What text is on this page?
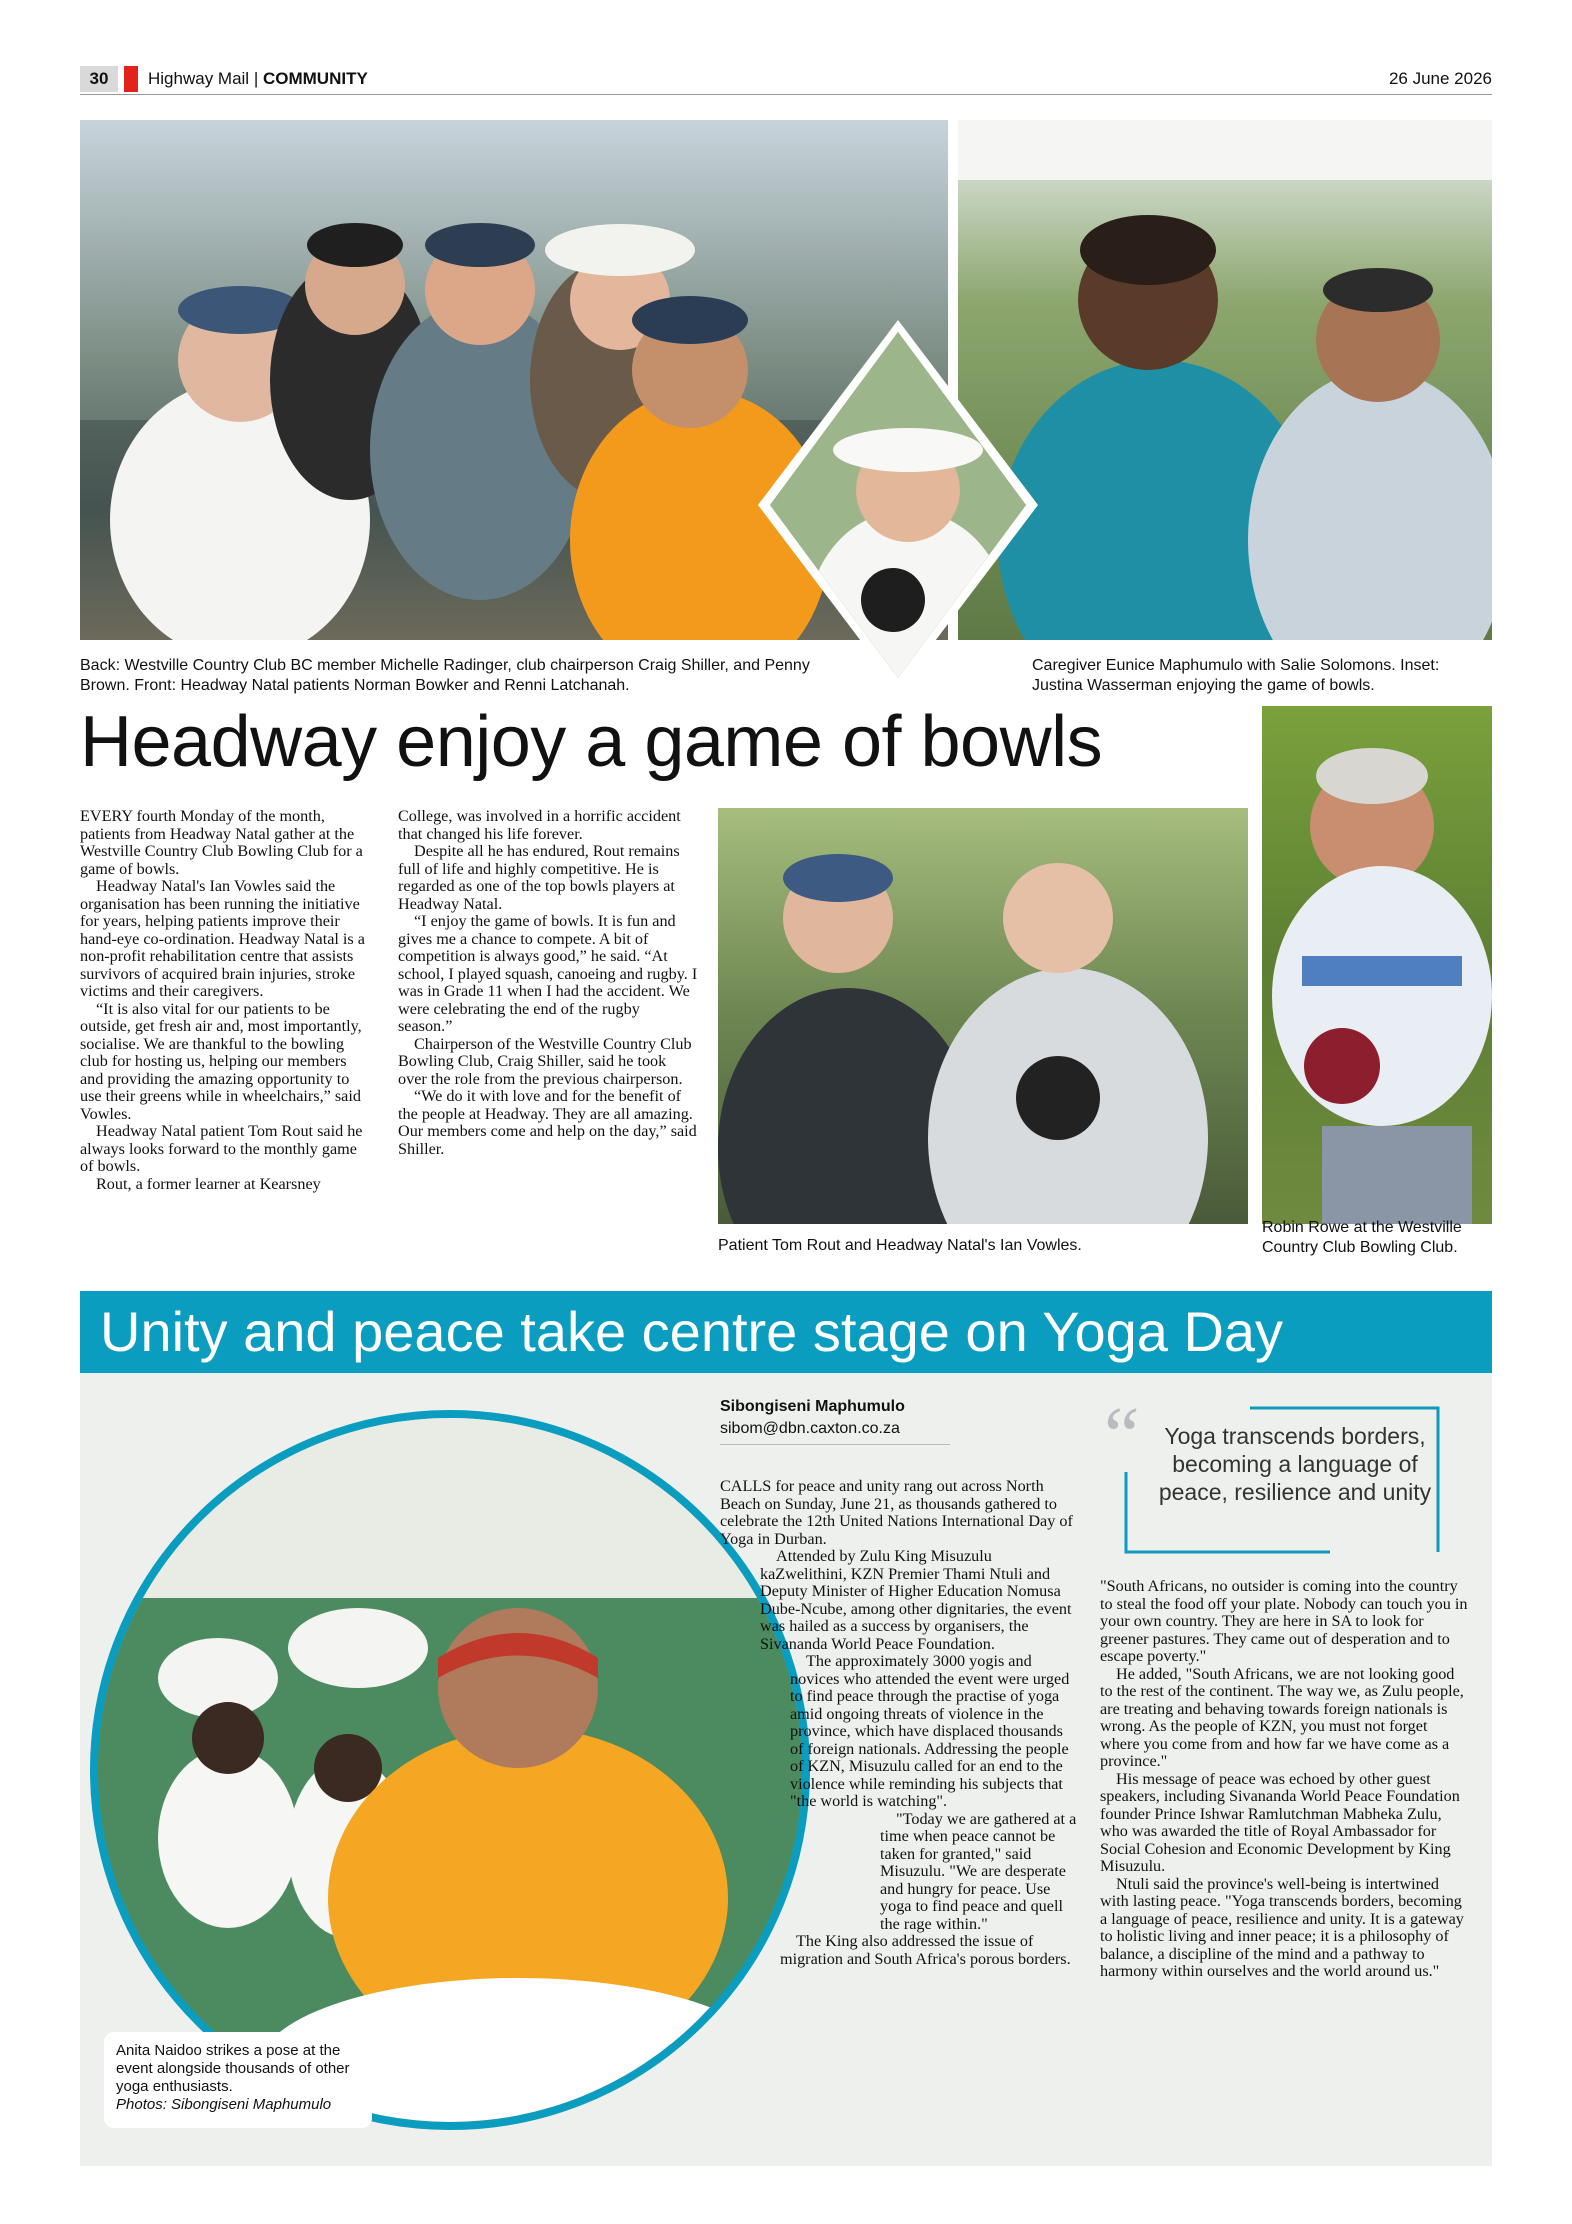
30	Highway Mail | COMMUNITY	26 June 2026
Back: Westville Country Club BC member Michelle Radinger, club chairperson Craig Shiller, and Penny Brown. Front: Headway Natal patients Norman Bowker and Renni Latchanah.
Caregiver Eunice Maphumulo with Salie Solomons. Inset: Justina Wasserman enjoying the game of bowls.
Headway enjoy a game of bowls

EVERY fourth Monday of the month, patients from Headway Natal gather at the Westville Country Club Bowling Club for a game of bowls.

Headway Natal's Ian Vowles said the organisation has been running the initiative for years, helping patients improve their hand-eye co-ordination. Headway Natal is a non-profit rehabilitation centre that assists survivors of acquired brain injuries, stroke victims and their caregivers.

“It is also vital for our patients to be outside, get fresh air and, most importantly, socialise. We are thankful to the bowling club for hosting us, helping our members and providing the amazing opportunity to use their greens while in wheelchairs,” said Vowles.

Headway Natal patient Tom Rout said he always looks forward to the monthly game of bowls.

Rout, a former learner at Kearsney

College, was involved in a horrific accident that changed his life forever.

Despite all he has endured, Rout remains full of life and highly competitive. He is regarded as one of the top bowls players at Headway Natal.

“I enjoy the game of bowls. It is fun and gives me a chance to compete. A bit of competition is always good,” he said. “At school, I played squash, canoeing and rugby. I was in Grade 11 when I had the accident. We were celebrating the end of the rugby season.”

Chairperson of the Westville Country Club Bowling Club, Craig Shiller, said he took over the role from the previous chairperson.

“We do it with love and for the benefit of the people at Headway. They are all amazing. Our members come and help on the day,” said Shiller.

Patient Tom Rout and Headway Natal's Ian Vowles.
Robin Rowe at the Westville Country Club Bowling Club.
Unity and peace take centre stage on Yoga Day
Sibongiseni Maphumulo
sibom@dbn.caxton.co.za	“	Yoga transcends borders, becoming a language of peace, resilience and unity

CALLS for peace and unity rang out across North Beach on Sunday, June 21, as thousands gathered to celebrate the 12th United Nations International Day of Yoga in Durban.

Attended by Zulu King Misuzulu kaZwelithini, KZN Premier Thami Ntuli and Deputy Minister of Higher Education Nomusa Dube-Ncube, among other dignitaries, the event was hailed as a success by organisers, the Sivananda World Peace Foundation.

The approximately 3000 yogis and novices who attended the event were urged to find peace through the practise of yoga amid ongoing threats of violence in the province, which have displaced thousands of foreign nationals. Addressing the people of KZN, Misuzulu called for an end to the violence while reminding his subjects that "the world is watching".

"Today we are gathered at a time when peace cannot be taken for granted," said Misuzulu. "We are desperate and hungry for peace. Use yoga to find peace and quell the rage within."

The King also addressed the issue of migration and South Africa's porous borders.

"South Africans, no outsider is coming into the country to steal the food off your plate. Nobody can touch you in your own country. They are here in SA to look for greener pastures. They came out of desperation and to escape poverty."

He added, "South Africans, we are not looking good to the rest of the continent. The way we, as Zulu people, are treating and behaving towards foreign nationals is wrong. As the people of KZN, you must not forget where you come from and how far we have come as a province."

His message of peace was echoed by other guest speakers, including Sivananda World Peace Foundation founder Prince Ishwar Ramlutchman Mabheka Zulu, who was awarded the title of Royal Ambassador for Social Cohesion and Economic Development by King Misuzulu.

Ntuli said the province's well-being is intertwined with lasting peace. "Yoga transcends borders, becoming a language of peace, resilience and unity. It is a gateway to holistic living and inner peace; it is a philosophy of balance, a discipline of the mind and a pathway to harmony within ourselves and the world around us."

Anita Naidoo strikes a pose at the event alongside thousands of other yoga enthusiasts.
Photos: Sibongiseni Maphumulo
